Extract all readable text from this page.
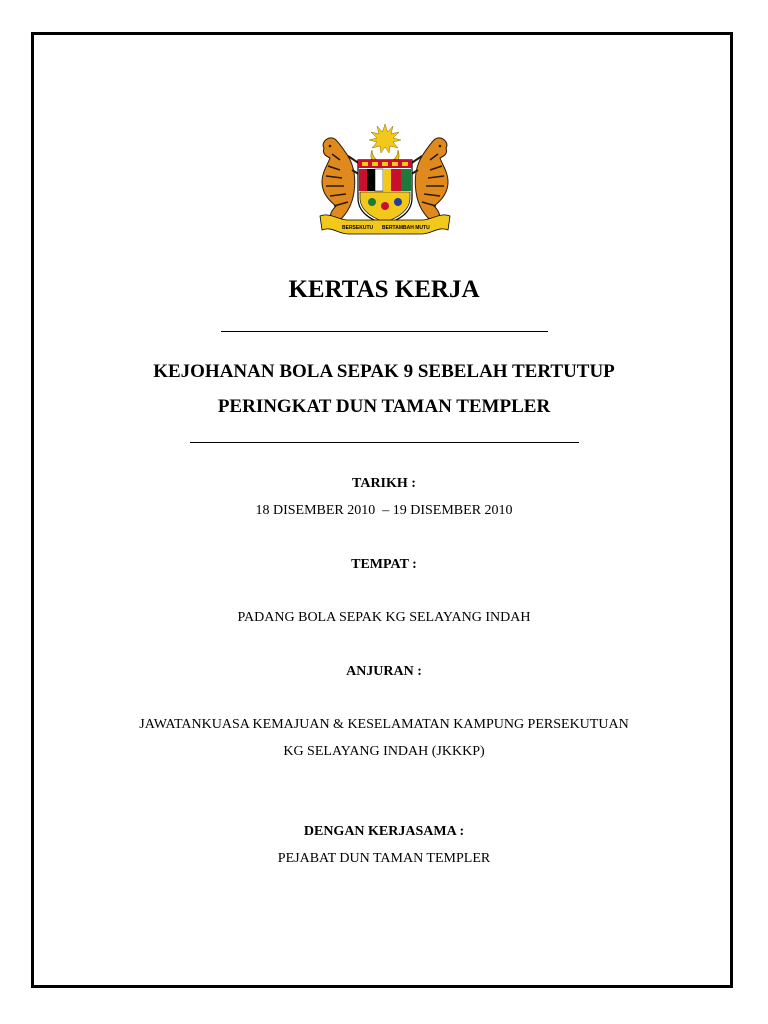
BERSEKUTU BERTAMBAH MUTU
KERTAS KERJA
KEJOHANAN BOLA SEPAK 9 SEBELAH TERTUTUP
PERINGKAT DUN TAMAN TEMPLER
TARIKH :
18 DISEMBER 2010  – 19 DISEMBER 2010
TEMPAT :
PADANG BOLA SEPAK KG SELAYANG INDAH
ANJURAN :
JAWATANKUASA KEMAJUAN & KESELAMATAN KAMPUNG PERSEKUTUAN
KG SELAYANG INDAH (JKKKP)
DENGAN KERJASAMA :
PEJABAT DUN TAMAN TEMPLER
